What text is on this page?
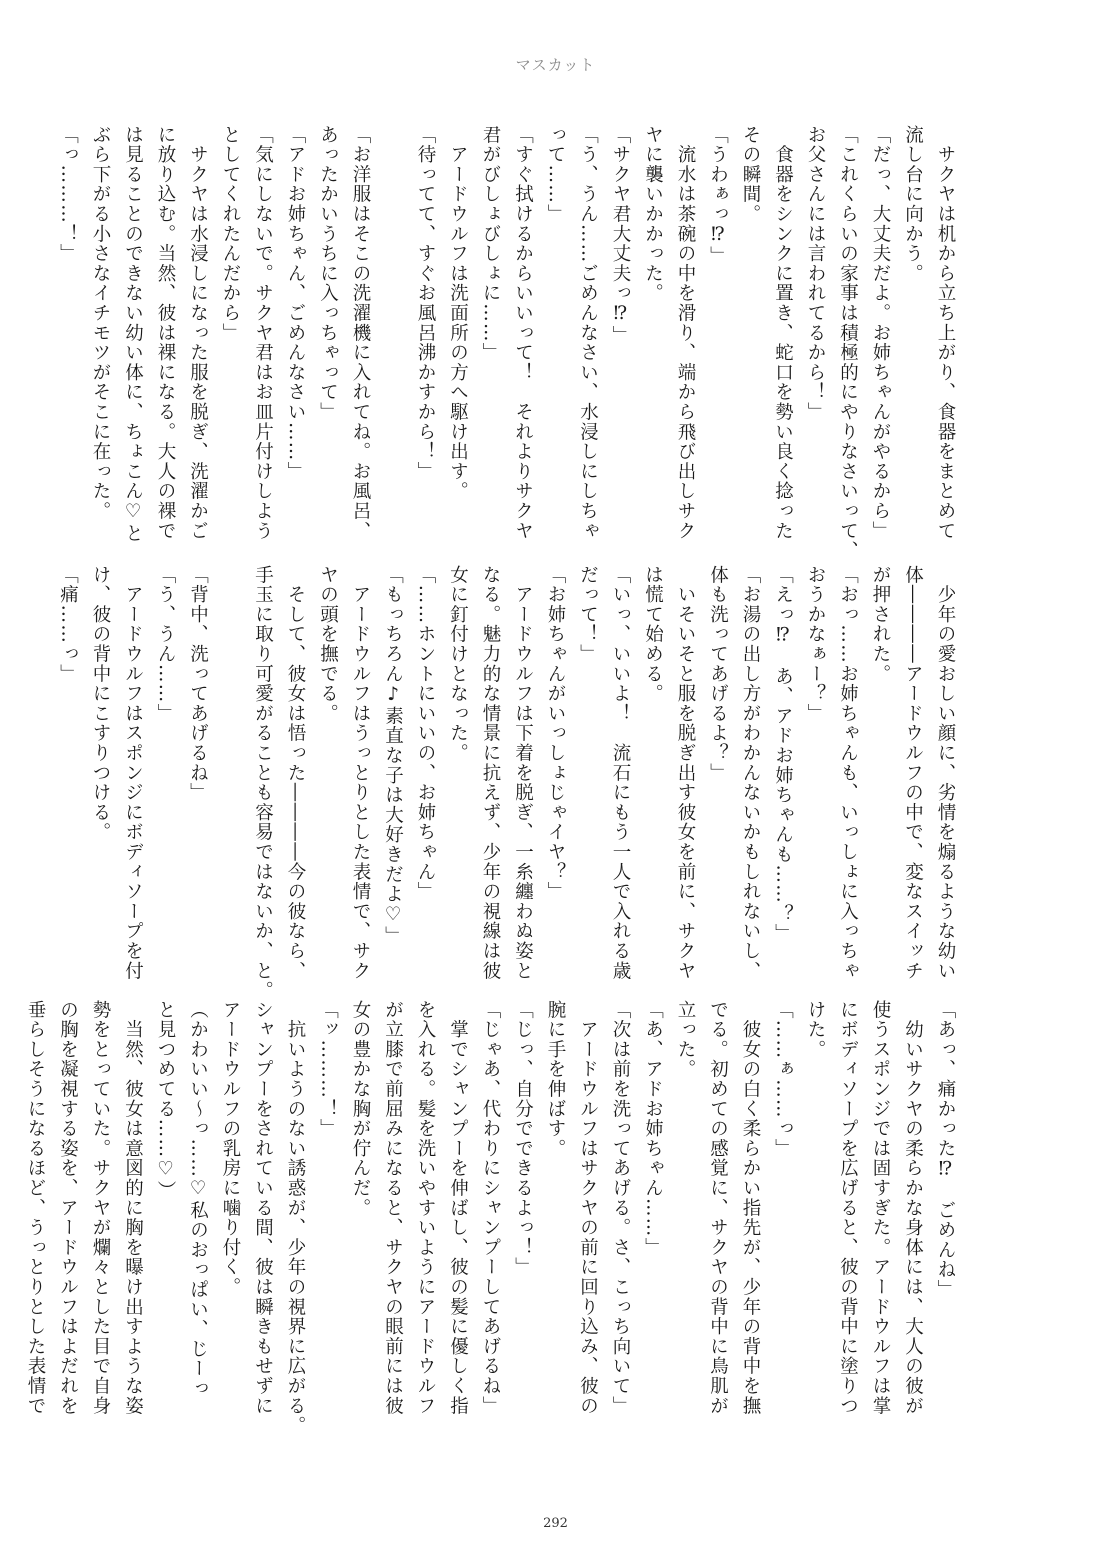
マスカット
　サクヤは机から立ち上がり、食器をまとめて
流し台に向かう。
「だっ、大丈夫だよ。お姉ちゃんがやるから」
「これくらいの家事は積極的にやりなさいって、
お父さんには言われてるから！」
　食器をシンクに置き、蛇口を勢い良く捻った
その瞬間。
「うわぁっ⁉」
　流水は茶碗の中を滑り、端から飛び出しサク
ヤに襲いかかった。
「サクヤ君大丈夫っ⁉」
「う、うん……ごめんなさい、水浸しにしちゃ
って……」
「すぐ拭けるからいいって！　それよりサクヤ
君がびしょびしょに……」
　アードウルフは洗面所の方へ駆け出す。
「待ってて、すぐお風呂沸かすから！」

「お洋服はそこの洗濯機に入れてね。お風呂、
あったかいうちに入っちゃって」
「アドお姉ちゃん、ごめんなさい……」
「気にしないで。サクヤ君はお皿片付けしよう
としてくれたんだから」
　サクヤは水浸しになった服を脱ぎ、洗濯かご
に放り込む。当然、彼は裸になる。大人の裸で
は見ることのできない幼い体に、ちょこん♡と
ぶら下がる小さなイチモツがそこに在った。
「っ………！」
　少年の愛おしい顔に、劣情を煽るような幼い
体――――アードウルフの中で、変なスイッチ
が押された。
「おっ……お姉ちゃんも、いっしょに入っちゃ
おうかなぁー？」
「えっ⁉　あ、アドお姉ちゃんも……？」
「お湯の出し方がわかんないかもしれないし、
体も洗ってあげるよ？」
　いそいそと服を脱ぎ出す彼女を前に、サクヤ
は慌て始める。
「いっ、いいよ！　流石にもう一人で入れる歳
だって！」
「お姉ちゃんがいっしょじゃイヤ？」
　アードウルフは下着を脱ぎ、一糸纏わぬ姿と
なる。魅力的な情景に抗えず、少年の視線は彼
女に釘付けとなった。
「……ホントにいいの、お姉ちゃん」
「もっちろん♪素直な子は大好きだよ♡」
　アードウルフはうっとりとした表情で、サク
ヤの頭を撫でる。
　そして、彼女は悟った――――今の彼なら、
手玉に取り可愛がることも容易ではないか、と。

「背中、洗ってあげるね」
「う、うん……」
　アードウルフはスポンジにボディソープを付
け、彼の背中にこすりつける。
「痛……っ」
「あっ、痛かった⁉　ごめんね」
　幼いサクヤの柔らかな身体には、大人の彼が
使うスポンジでは固すぎた。アードウルフは掌
にボディソープを広げると、彼の背中に塗りつ
けた。
「……ぁ……っ」
　彼女の白く柔らかい指先が、少年の背中を撫
でる。初めての感覚に、サクヤの背中に鳥肌が
立った。
「あ、アドお姉ちゃん……」
「次は前を洗ってあげる。さ、こっち向いて」
　アードウルフはサクヤの前に回り込み、彼の
腕に手を伸ばす。
「じっ、自分でできるよっ！」
「じゃあ、代わりにシャンプーしてあげるね」
　掌でシャンプーを伸ばし、彼の髪に優しく指
を入れる。髪を洗いやすいようにアードウルフ
が立膝で前屈みになると、サクヤの眼前には彼
女の豊かな胸が佇んだ。
「ッ………！」
　抗いようのない誘惑が、少年の視界に広がる。
シャンプーをされている間、彼は瞬きもせずに
アードウルフの乳房に噛り付く。
（かわいい～っ……♡私のおっぱい、じーっ
と見つめてる……♡）
　当然、彼女は意図的に胸を曝け出すような姿
勢をとっていた。サクヤが爛々とした目で自身
の胸を凝視する姿を、アードウルフはよだれを
垂らしそうになるほど、うっとりとした表情で
292
